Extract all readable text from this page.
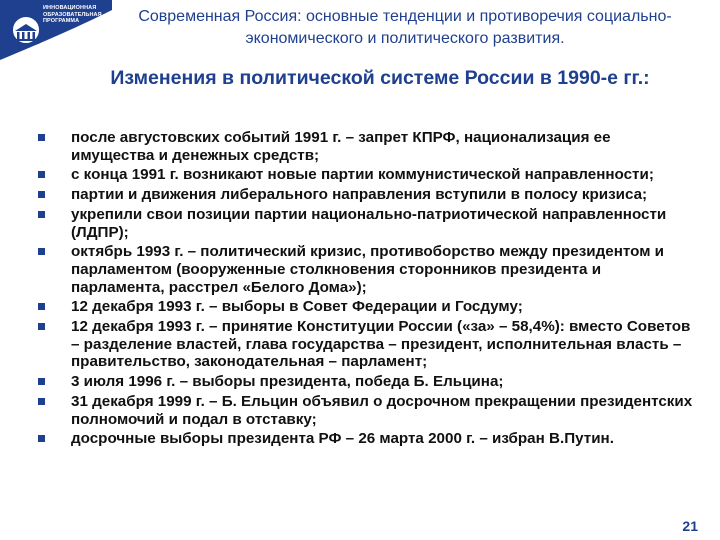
ИННОВАЦИОННАЯ
ОБРАЗОВАТЕЛЬНАЯ
ПРОГРАММА	Современная Россия: основные тенденции и противоречия социально-экономического и политического развития.
Изменения в политической системе России в 1990-е гг.:
после августовских событий 1991 г. – запрет КПРФ, национализация ее имущества и денежных средств;
с конца 1991 г. возникают новые партии коммунистической направленности;
партии и движения либерального направления вступили в полосу кризиса;
укрепили свои позиции партии национально-патриотической направленности (ЛДПР);
октябрь 1993 г. – политический кризис, противоборство между президентом и парламентом (вооруженные столкновения сторонников президента и парламента, расстрел «Белого Дома»);
12 декабря 1993 г. – выборы в Совет Федерации и Госдуму;
12 декабря 1993 г. – принятие Конституции России («за» – 58,4%): вместо Советов – разделение властей, глава государства – президент, исполнительная власть – правительство, законодательная – парламент;
3 июля 1996 г. – выборы президента, победа Б. Ельцина;
31 декабря 1999 г. – Б. Ельцин объявил о досрочном прекращении президентских полномочий и подал в отставку;
досрочные выборы президента РФ – 26 марта 2000 г. – избран В.Путин.
21
